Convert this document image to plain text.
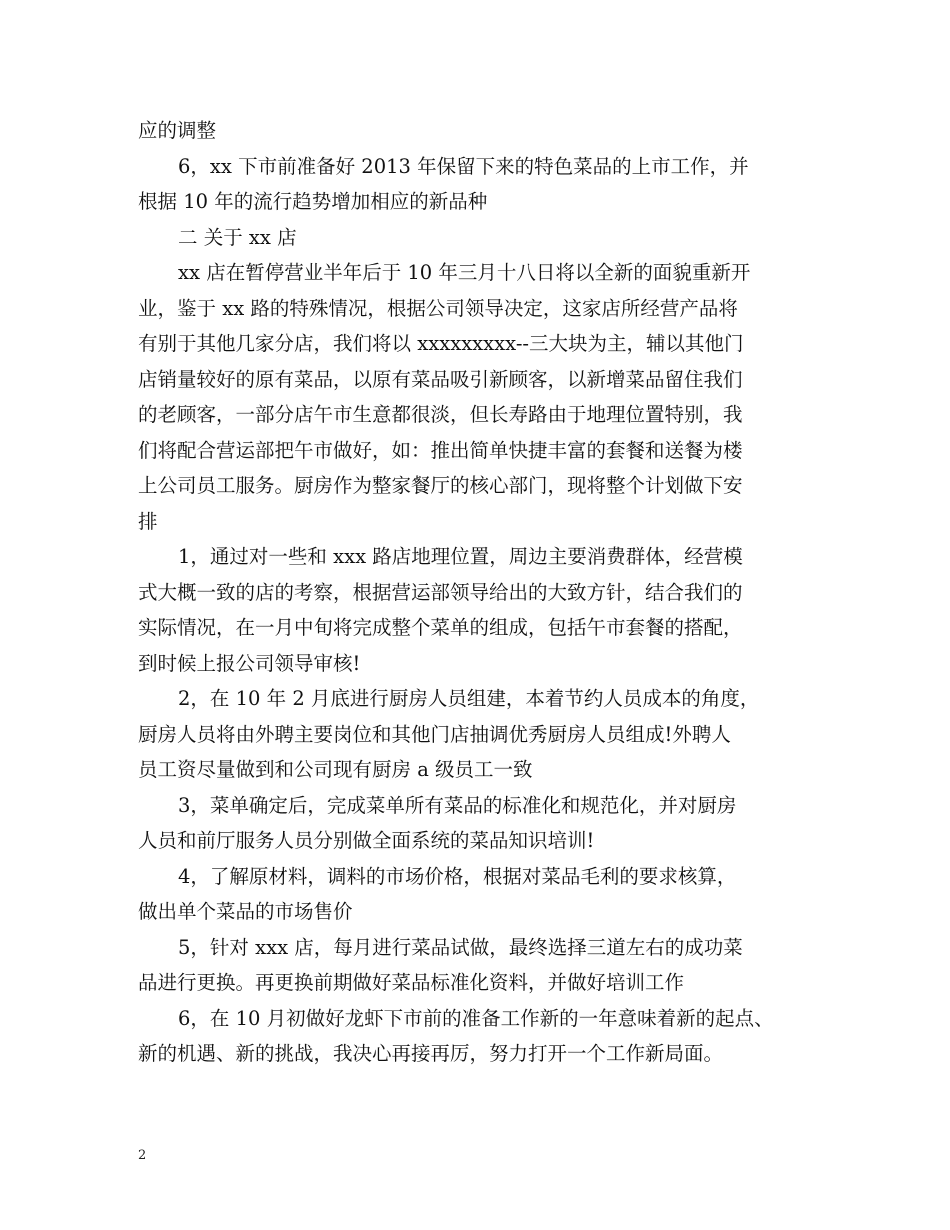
应的调整
6，xx 下市前准备好 2013 年保留下来的特色菜品的上市工作，并
根据 10 年的流行趋势增加相应的新品种
二 关于 xx 店
xx 店在暂停营业半年后于 10 年三月十八日将以全新的面貌重新开
业，鉴于 xx 路的特殊情况，根据公司领导决定，这家店所经营产品将
有别于其他几家分店，我们将以 xxxxxxxxx--三大块为主，辅以其他门
店销量较好的原有菜品，以原有菜品吸引新顾客，以新增菜品留住我们
的老顾客，一部分店午市生意都很淡，但长寿路由于地理位置特别，我
们将配合营运部把午市做好，如：推出简单快捷丰富的套餐和送餐为楼
上公司员工服务。厨房作为整家餐厅的核心部门，现将整个计划做下安
排
1，通过对一些和 xxx 路店地理位置，周边主要消费群体，经营模
式大概一致的店的考察，根据营运部领导给出的大致方针，结合我们的
实际情况，在一月中旬将完成整个菜单的组成，包括午市套餐的搭配，
到时候上报公司领导审核!
2，在 10 年 2 月底进行厨房人员组建，本着节约人员成本的角度，
厨房人员将由外聘主要岗位和其他门店抽调优秀厨房人员组成!外聘人
员工资尽量做到和公司现有厨房 a 级员工一致
3，菜单确定后，完成菜单所有菜品的标准化和规范化，并对厨房
人员和前厅服务人员分别做全面系统的菜品知识培训!
4，了解原材料，调料的市场价格，根据对菜品毛利的要求核算，
做出单个菜品的市场售价
5，针对 xxx 店，每月进行菜品试做，最终选择三道左右的成功菜
品进行更换。再更换前期做好菜品标准化资料，并做好培训工作
6，在 10 月初做好龙虾下市前的准备工作新的一年意味着新的起点、
新的机遇、新的挑战，我决心再接再厉，努力打开一个工作新局面。
2
